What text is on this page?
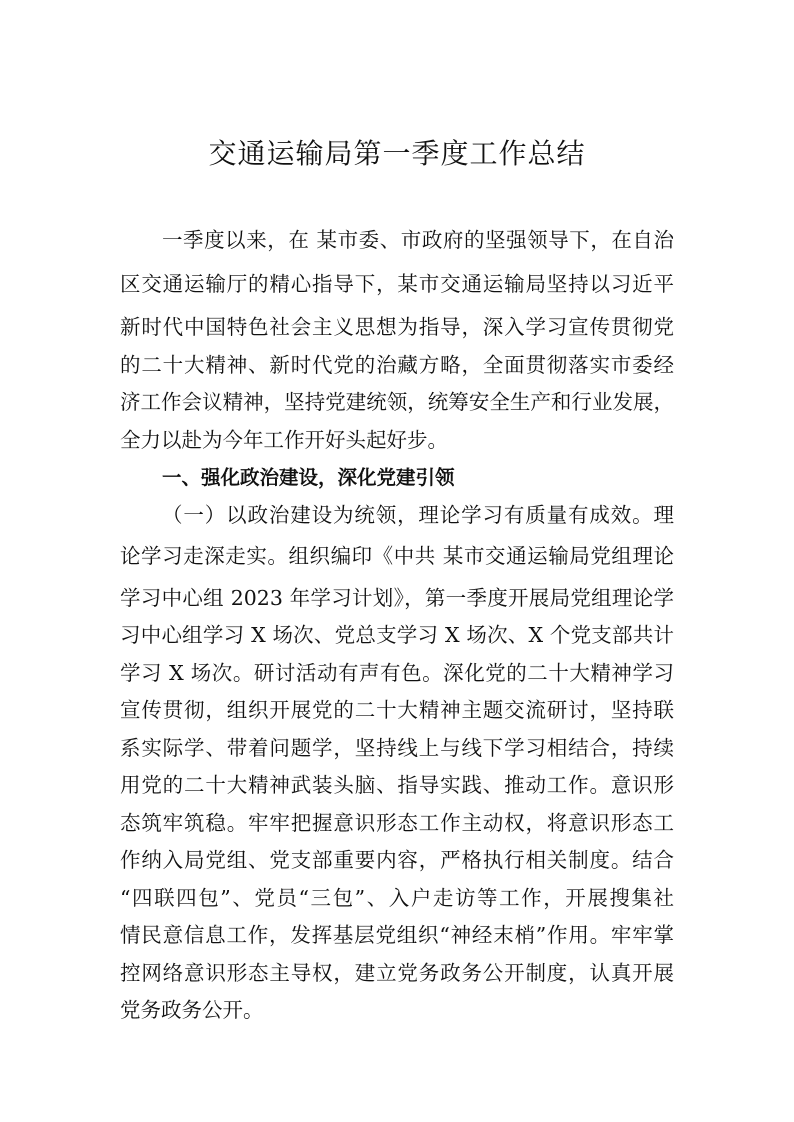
交通运输局第一季度工作总结
一季度以来，在 某市委、市政府的坚强领导下，在自治
区交通运输厅的精心指导下，某市交通运输局坚持以习近平
新时代中国特色社会主义思想为指导，深入学习宣传贯彻党
的二十大精神、新时代党的治藏方略，全面贯彻落实市委经
济工作会议精神，坚持党建统领，统筹安全生产和行业发展，
全力以赴为今年工作开好头起好步。
一、强化政治建设，深化党建引领
（一）以政治建设为统领，理论学习有质量有成效。理
论学习走深走实。组织编印《中共 某市交通运输局党组理论
学习中心组 2023 年学习计划》，第一季度开展局党组理论学
习中心组学习 X 场次、党总支学习 X 场次、X 个党支部共计
学习 X 场次。研讨活动有声有色。深化党的二十大精神学习
宣传贯彻，组织开展党的二十大精神主题交流研讨，坚持联
系实际学、带着问题学，坚持线上与线下学习相结合，持续
用党的二十大精神武装头脑、指导实践、推动工作。意识形
态筑牢筑稳。牢牢把握意识形态工作主动权，将意识形态工
作纳入局党组、党支部重要内容，严格执行相关制度。结合
“四联四包”、党员“三包”、入户走访等工作，开展搜集社
情民意信息工作，发挥基层党组织“神经末梢”作用。牢牢掌
控网络意识形态主导权，建立党务政务公开制度，认真开展
党务政务公开。
